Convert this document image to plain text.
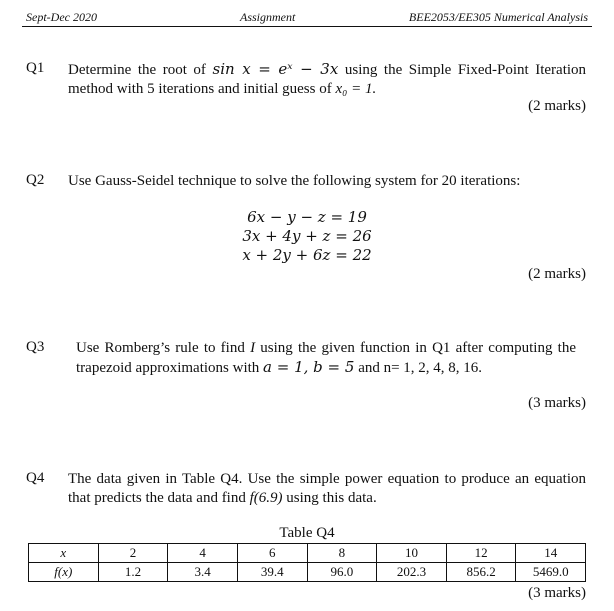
Sept-Dec 2020	Assignment	BEE2053/EE305 Numerical Analysis
Q1 Determine the root of sin x = eˣ − 3x using the Simple Fixed-Point Iteration method with 5 iterations and initial guess of x₀ = 1.
(2 marks)
Q2 Use Gauss-Seidel technique to solve the following system for 20 iterations:
6x − y − z = 19
3x + 4y + z = 26
x + 2y + 6z = 22
(2 marks)
Q3 Use Romberg’s rule to find I using the given function in Q1 after computing the trapezoid approximations with a = 1, b = 5 and n= 1, 2, 4, 8, 16.
(3 marks)
Q4 The data given in Table Q4. Use the simple power equation to produce an equation that predicts the data and find f(6.9) using this data.
Table Q4
x	2	4	6	8	10	12	14
f(x)	1.2	3.4	39.4	96.0	202.3	856.2	5469.0
(3 marks)
